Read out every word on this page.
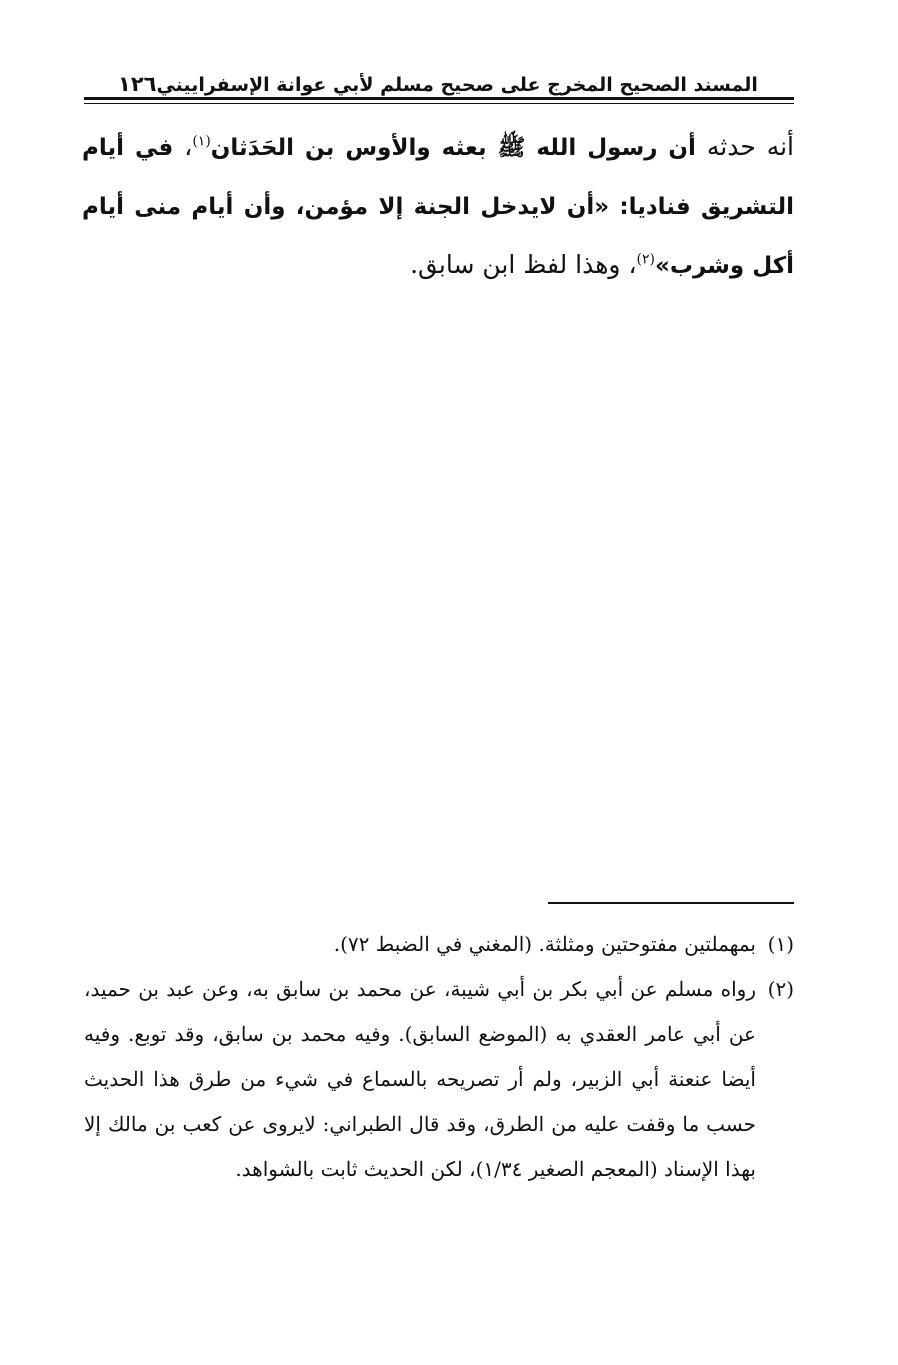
١٢٦ المسند الصحيح المخرج على صحيح مسلم لأبي عوانة الإسفراييني
أنه حدثه أن رسول الله ﷺ بعثه والأوس بن الحَدَثان$^{(١)}$، في أيام التشريق فناديا: «أن لايدخل الجنة إلا مؤمن، وأن أيام منى أيام أكل وشرب»$^{(٢)}$، وهذا لفظ ابن سابق.

(١)
بمهملتين مفتوحتين ومثلثة. (المغني في الضبط ٧٢).

(٢)
رواه مسلم عن أبي بكر بن أبي شيبة، عن محمد بن سابق به، وعن عبد بن حميد، عن أبي عامر العقدي به (الموضع السابق). وفيه محمد بن سابق، وقد توبع. وفيه أيضا عنعنة أبي الزبير، ولم أر تصريحه بالسماع في شيء من طرق هذا الحديث حسب ما وقفت عليه من الطرق، وقد قال الطبراني: لايروى عن كعب بن مالك إلا بهذا الإسناد (المعجم الصغير ١/٣٤)، لكن الحديث ثابت بالشواهد.
